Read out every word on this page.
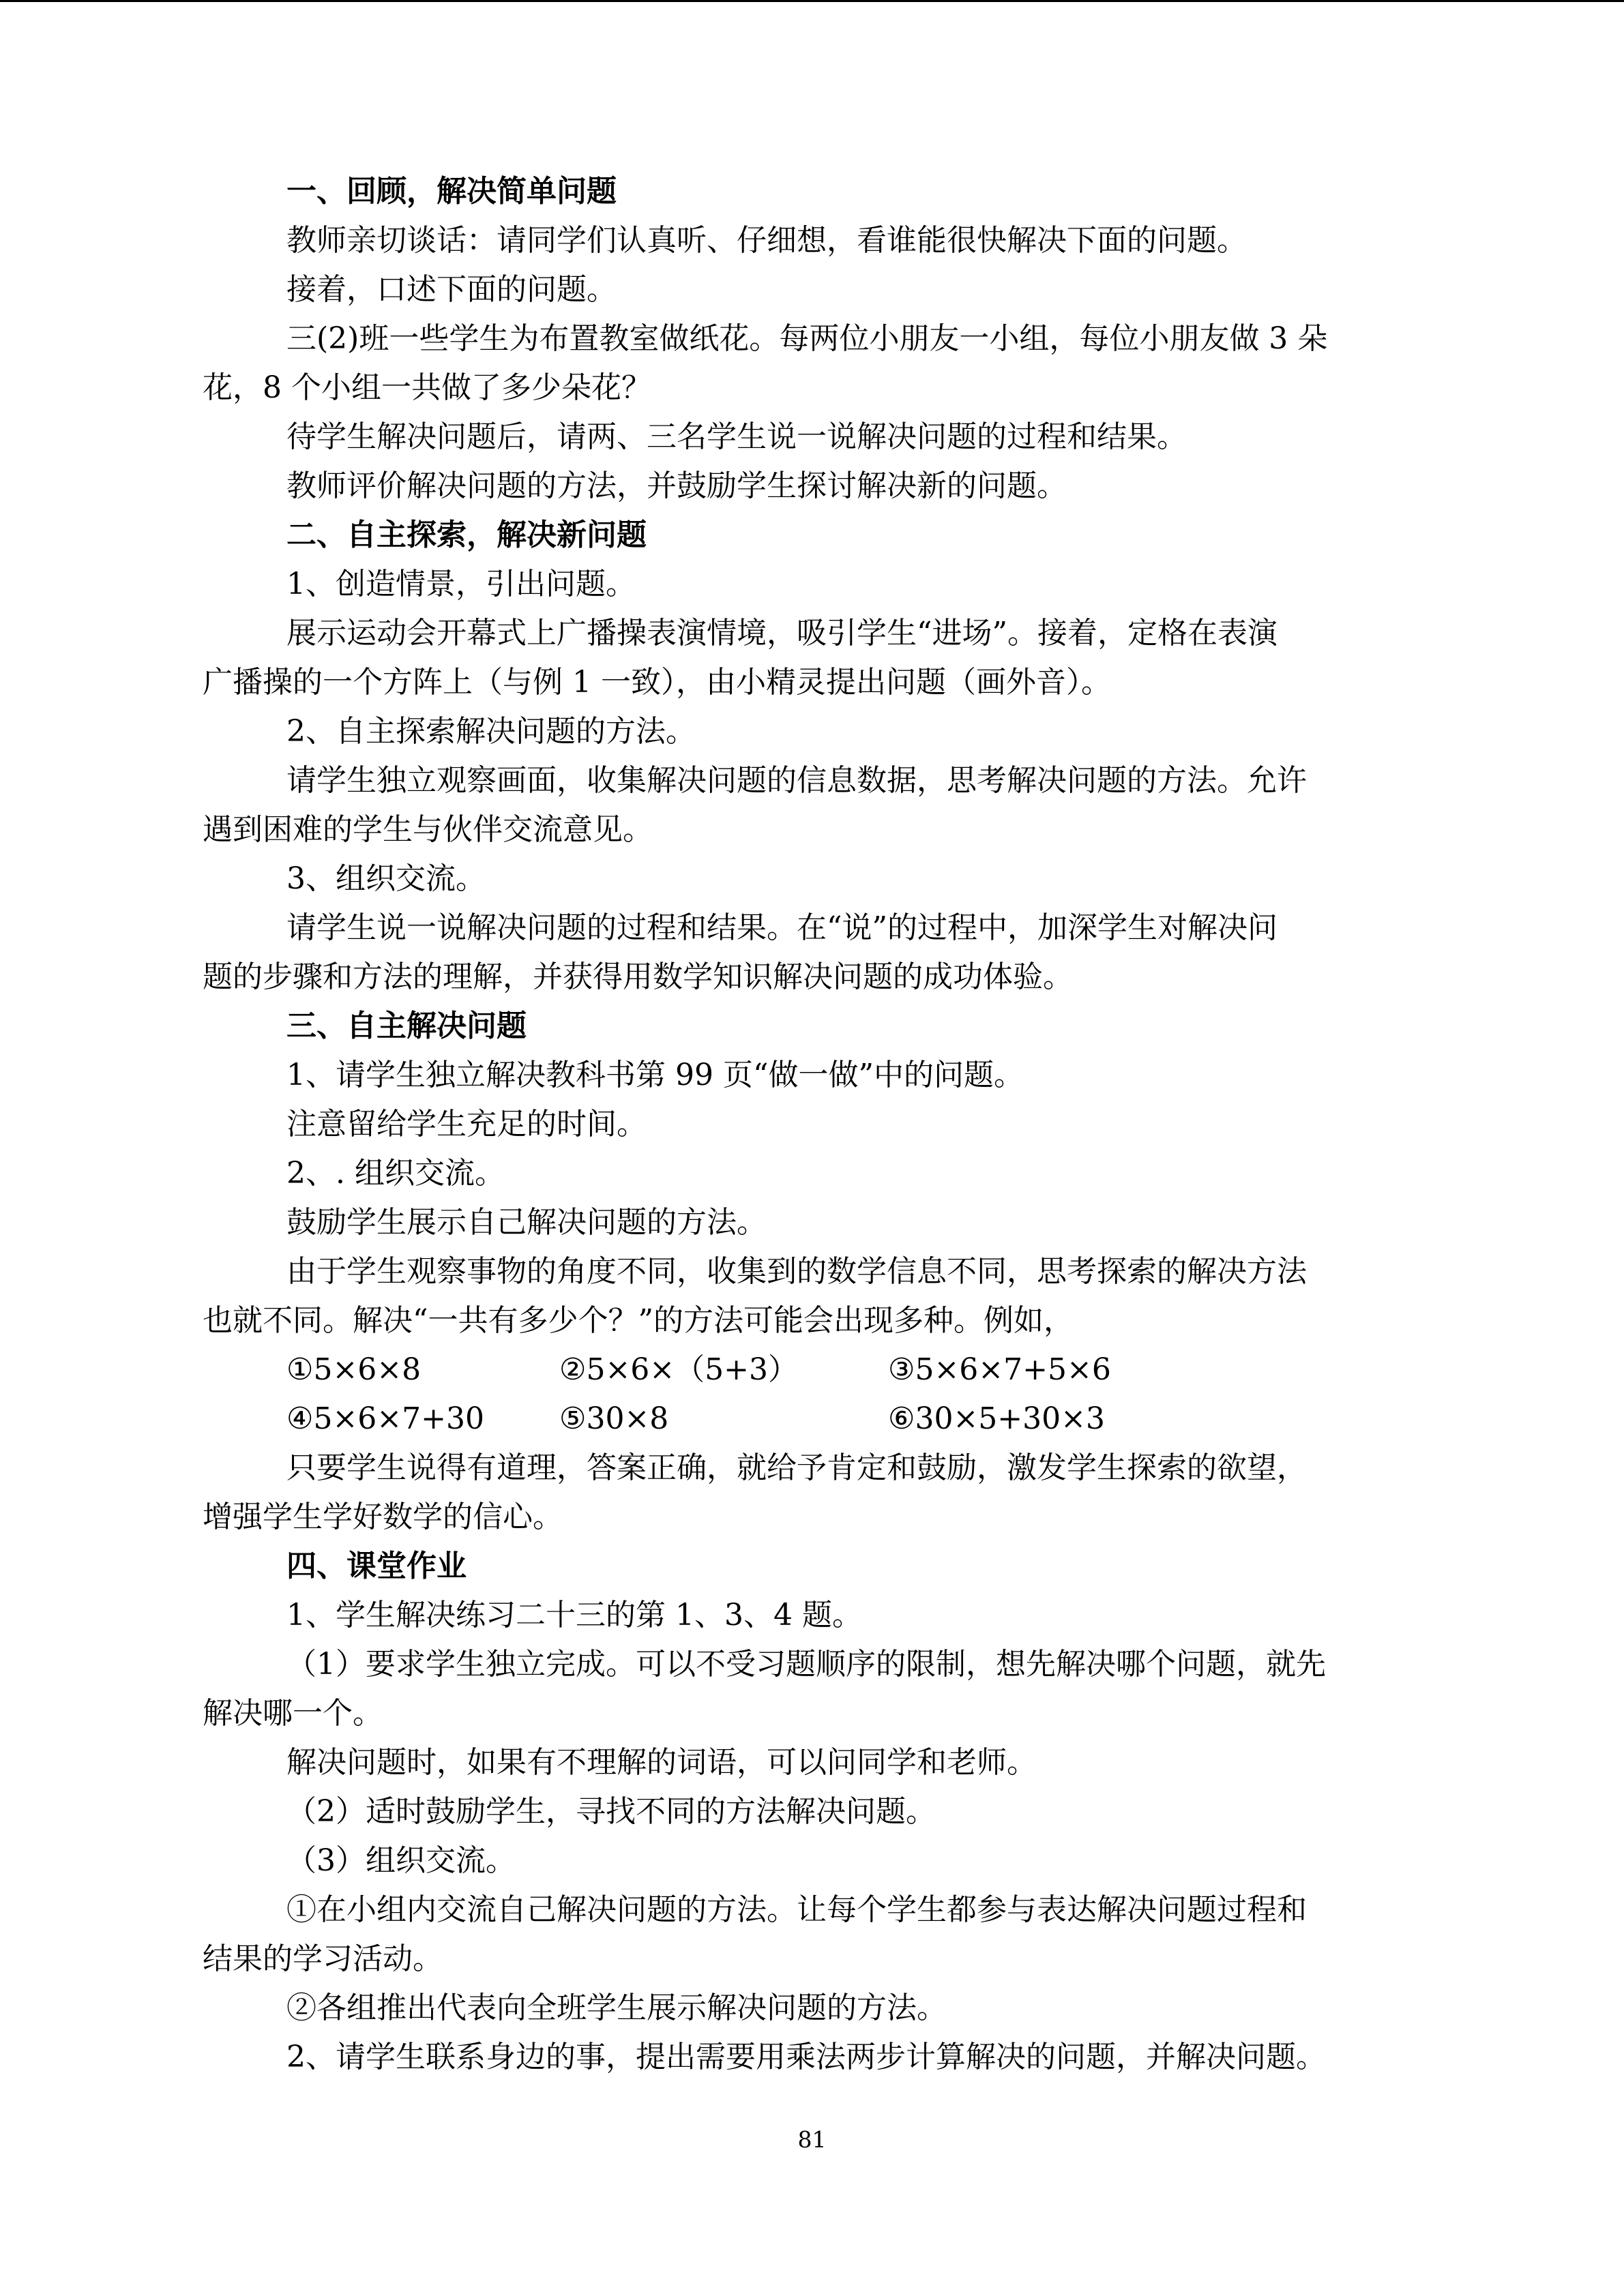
一、回顾，解决简单问题
教师亲切谈话：请同学们认真听、仔细想，看谁能很快解决下面的问题。
接着，口述下面的问题。
三(2)班一些学生为布置教室做纸花。每两位小朋友一小组，每位小朋友做 3 朵
花，8 个小组一共做了多少朵花？
待学生解决问题后，请两、三名学生说一说解决问题的过程和结果。
教师评价解决问题的方法，并鼓励学生探讨解决新的问题。
二、自主探索，解决新问题
1、创造情景，引出问题。
展示运动会开幕式上广播操表演情境，吸引学生“进场”。接着，定格在表演
广播操的一个方阵上（与例 1 一致），由小精灵提出问题（画外音）。
2、自主探索解决问题的方法。
请学生独立观察画面，收集解决问题的信息数据，思考解决问题的方法。允许
遇到困难的学生与伙伴交流意见。
3、组织交流。
请学生说一说解决问题的过程和结果。在“说”的过程中，加深学生对解决问
题的步骤和方法的理解，并获得用数学知识解决问题的成功体验。
三、自主解决问题
1、请学生独立解决教科书第 99 页“做一做”中的问题。
注意留给学生充足的时间。
2、. 组织交流。
鼓励学生展示自己解决问题的方法。
由于学生观察事物的角度不同，收集到的数学信息不同，思考探索的解决方法
也就不同。解决“一共有多少个？”的方法可能会出现多种。例如，
①5×6×8	②5×6×（5+3）	③5×6×7+5×6
④5×6×7+30 ⑤30×8	⑥30×5+30×3
只要学生说得有道理，答案正确，就给予肯定和鼓励，激发学生探索的欲望，
增强学生学好数学的信心。
四、课堂作业
1、学生解决练习二十三的第 1、3、4 题。
（1）要求学生独立完成。可以不受习题顺序的限制，想先解决哪个问题，就先
解决哪一个。
解决问题时，如果有不理解的词语，可以问同学和老师。
（2）适时鼓励学生，寻找不同的方法解决问题。
（3）组织交流。
①在小组内交流自己解决问题的方法。让每个学生都参与表达解决问题过程和
结果的学习活动。
②各组推出代表向全班学生展示解决问题的方法。
2、请学生联系身边的事，提出需要用乘法两步计算解决的问题，并解决问题。
81
